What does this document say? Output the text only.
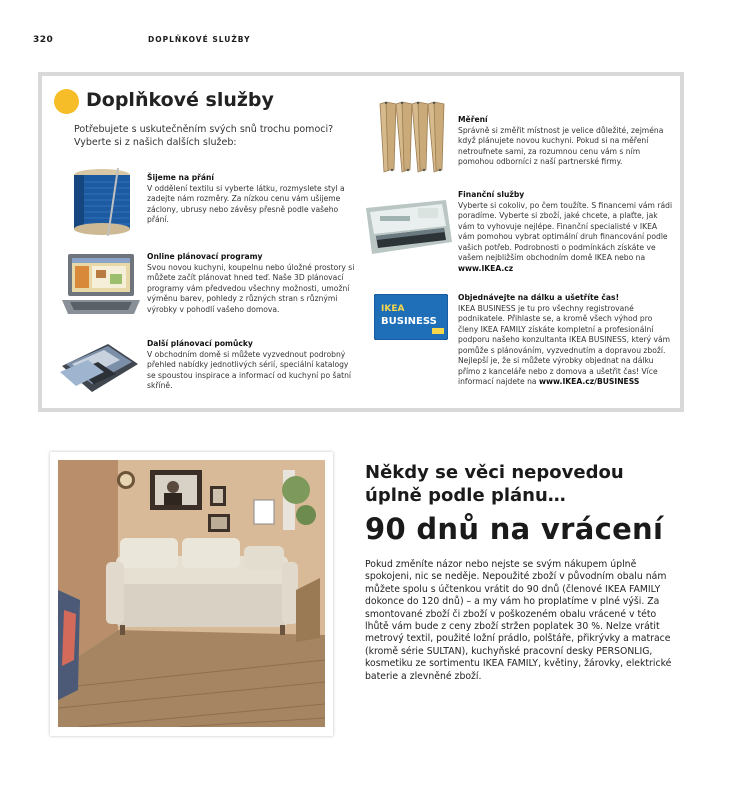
320	DOPLŇKOVÉ SLUŽBY
Doplňkové služby
Potřebujete s uskutečněním svých snů trochu pomoci? Vyberte si z našich dalších služeb:
Šijeme na přání
V oddělení textilu si vyberte látku, rozmyslete styl a zadejte nám rozměry. Za nízkou cenu vám ušijeme záclony, ubrusy nebo závěsy přesně podle vašeho přání.
Online plánovací programy
Svou novou kuchyni, koupelnu nebo úložné prostory si můžete začít plánovat hned teď. Naše 3D plánovací programy vám předvedou všechny možnosti, umožní výměnu barev, pohledy z různých stran s různými výrobky v pohodlí vašeho domova.
Další plánovací pomůcky
V obchodním domě si můžete vyzvednout podrobný přehled nabídky jednotlivých sérií, speciální katalogy se spoustou inspirace a informací od kuchyní po šatní skříně.
Měření
Správně si změřit místnost je velice důležité, zejména když plánujete novou kuchyni. Pokud si na měření netroufnete sami, za rozumnou cenu vám s ním pomohou odborníci z naší partnerské firmy.
Finanční služby
Vyberte si cokoliv, po čem toužíte. S financemi vám rádi poradíme. Vyberte si zboží, jaké chcete, a plaťte, jak vám to vyhovuje nejlépe. Finanční specialisté v IKEA vám pomohou vybrat optimální druh financování podle vašich potřeb. Podrobnosti o podmínkách získáte ve vašem nejbližším obchodním domě IKEA nebo na www.IKEA.cz
IKEA
BUSINESS
Objednávejte na dálku a ušetříte čas!
IKEA BUSINESS je tu pro všechny registrované podnikatele. Přihlaste se, a kromě všech výhod pro členy IKEA FAMILY získáte kompletní a profesionální podporu našeho konzultanta IKEA BUSINESS, který vám pomůže s plánováním, vyzvednutím a dopravou zboží. Nejlepší je, že si můžete výrobky objednat na dálku přímo z kanceláře nebo z domova a ušetřit čas! Více informací najdete na www.IKEA.cz/BUSINESS
Někdy se věci nepovedou
úplně podle plánu…
90 dnů na vrácení
Pokud změníte názor nebo nejste se svým nákupem úplně spokojeni, nic se neděje. Nepoužité zboží v původním obalu nám můžete spolu s účtenkou vrátit do 90 dnů (členové IKEA FAMILY dokonce do 120 dnů) – a my vám ho proplatíme v plné výši. Za smontované zboží či zboží v poškozeném obalu vrácené v této lhůtě vám bude z ceny zboží stržen poplatek 30 %. Nelze vrátit metrový textil, použité ložní prádlo, polštáře, přikrývky a matrace (kromě série SULTAN), kuchyňské pracovní desky PERSONLIG, kosmetiku ze sortimentu IKEA FAMILY, květiny, žárovky, elektrické baterie a zlevněné zboží.
